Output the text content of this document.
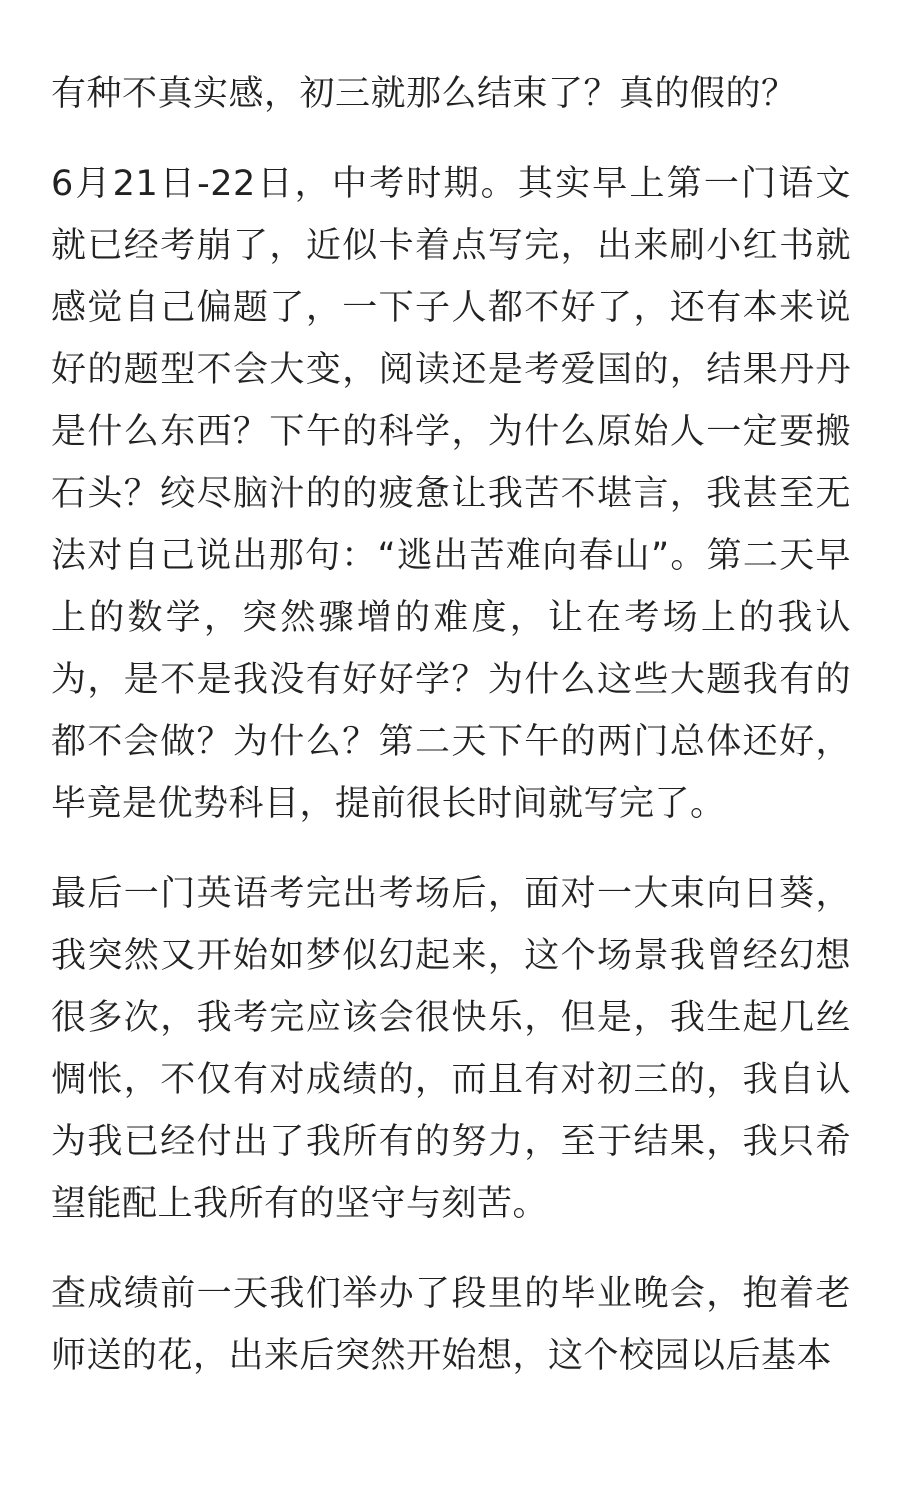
有种不真实感，初三就那么结束了？真的假的？

6月21日-22日，中考时期。其实早上第一门语文就已经考崩了，近似卡着点写完，出来刷小红书就感觉自己偏题了，一下子人都不好了，还有本来说好的题型不会大变，阅读还是考爱国的，结果丹丹是什么东西？下午的科学，为什么原始人一定要搬石头？绞尽脑汁的的疲惫让我苦不堪言，我甚至无法对自己说出那句：“逃出苦难向春山”。第二天早上的数学，突然骤增的难度，让在考场上的我认为，是不是我没有好好学？为什么这些大题我有的都不会做？为什么？第二天下午的两门总体还好，毕竟是优势科目，提前很长时间就写完了。

最后一门英语考完出考场后，面对一大束向日葵，我突然又开始如梦似幻起来，这个场景我曾经幻想很多次，我考完应该会很快乐，但是，我生起几丝惆怅，不仅有对成绩的，而且有对初三的，我自认为我已经付出了我所有的努力，至于结果，我只希望能配上我所有的坚守与刻苦。

查成绩前一天我们举办了段里的毕业晚会，抱着老师送的花，出来后突然开始想，这个校园以后基本
